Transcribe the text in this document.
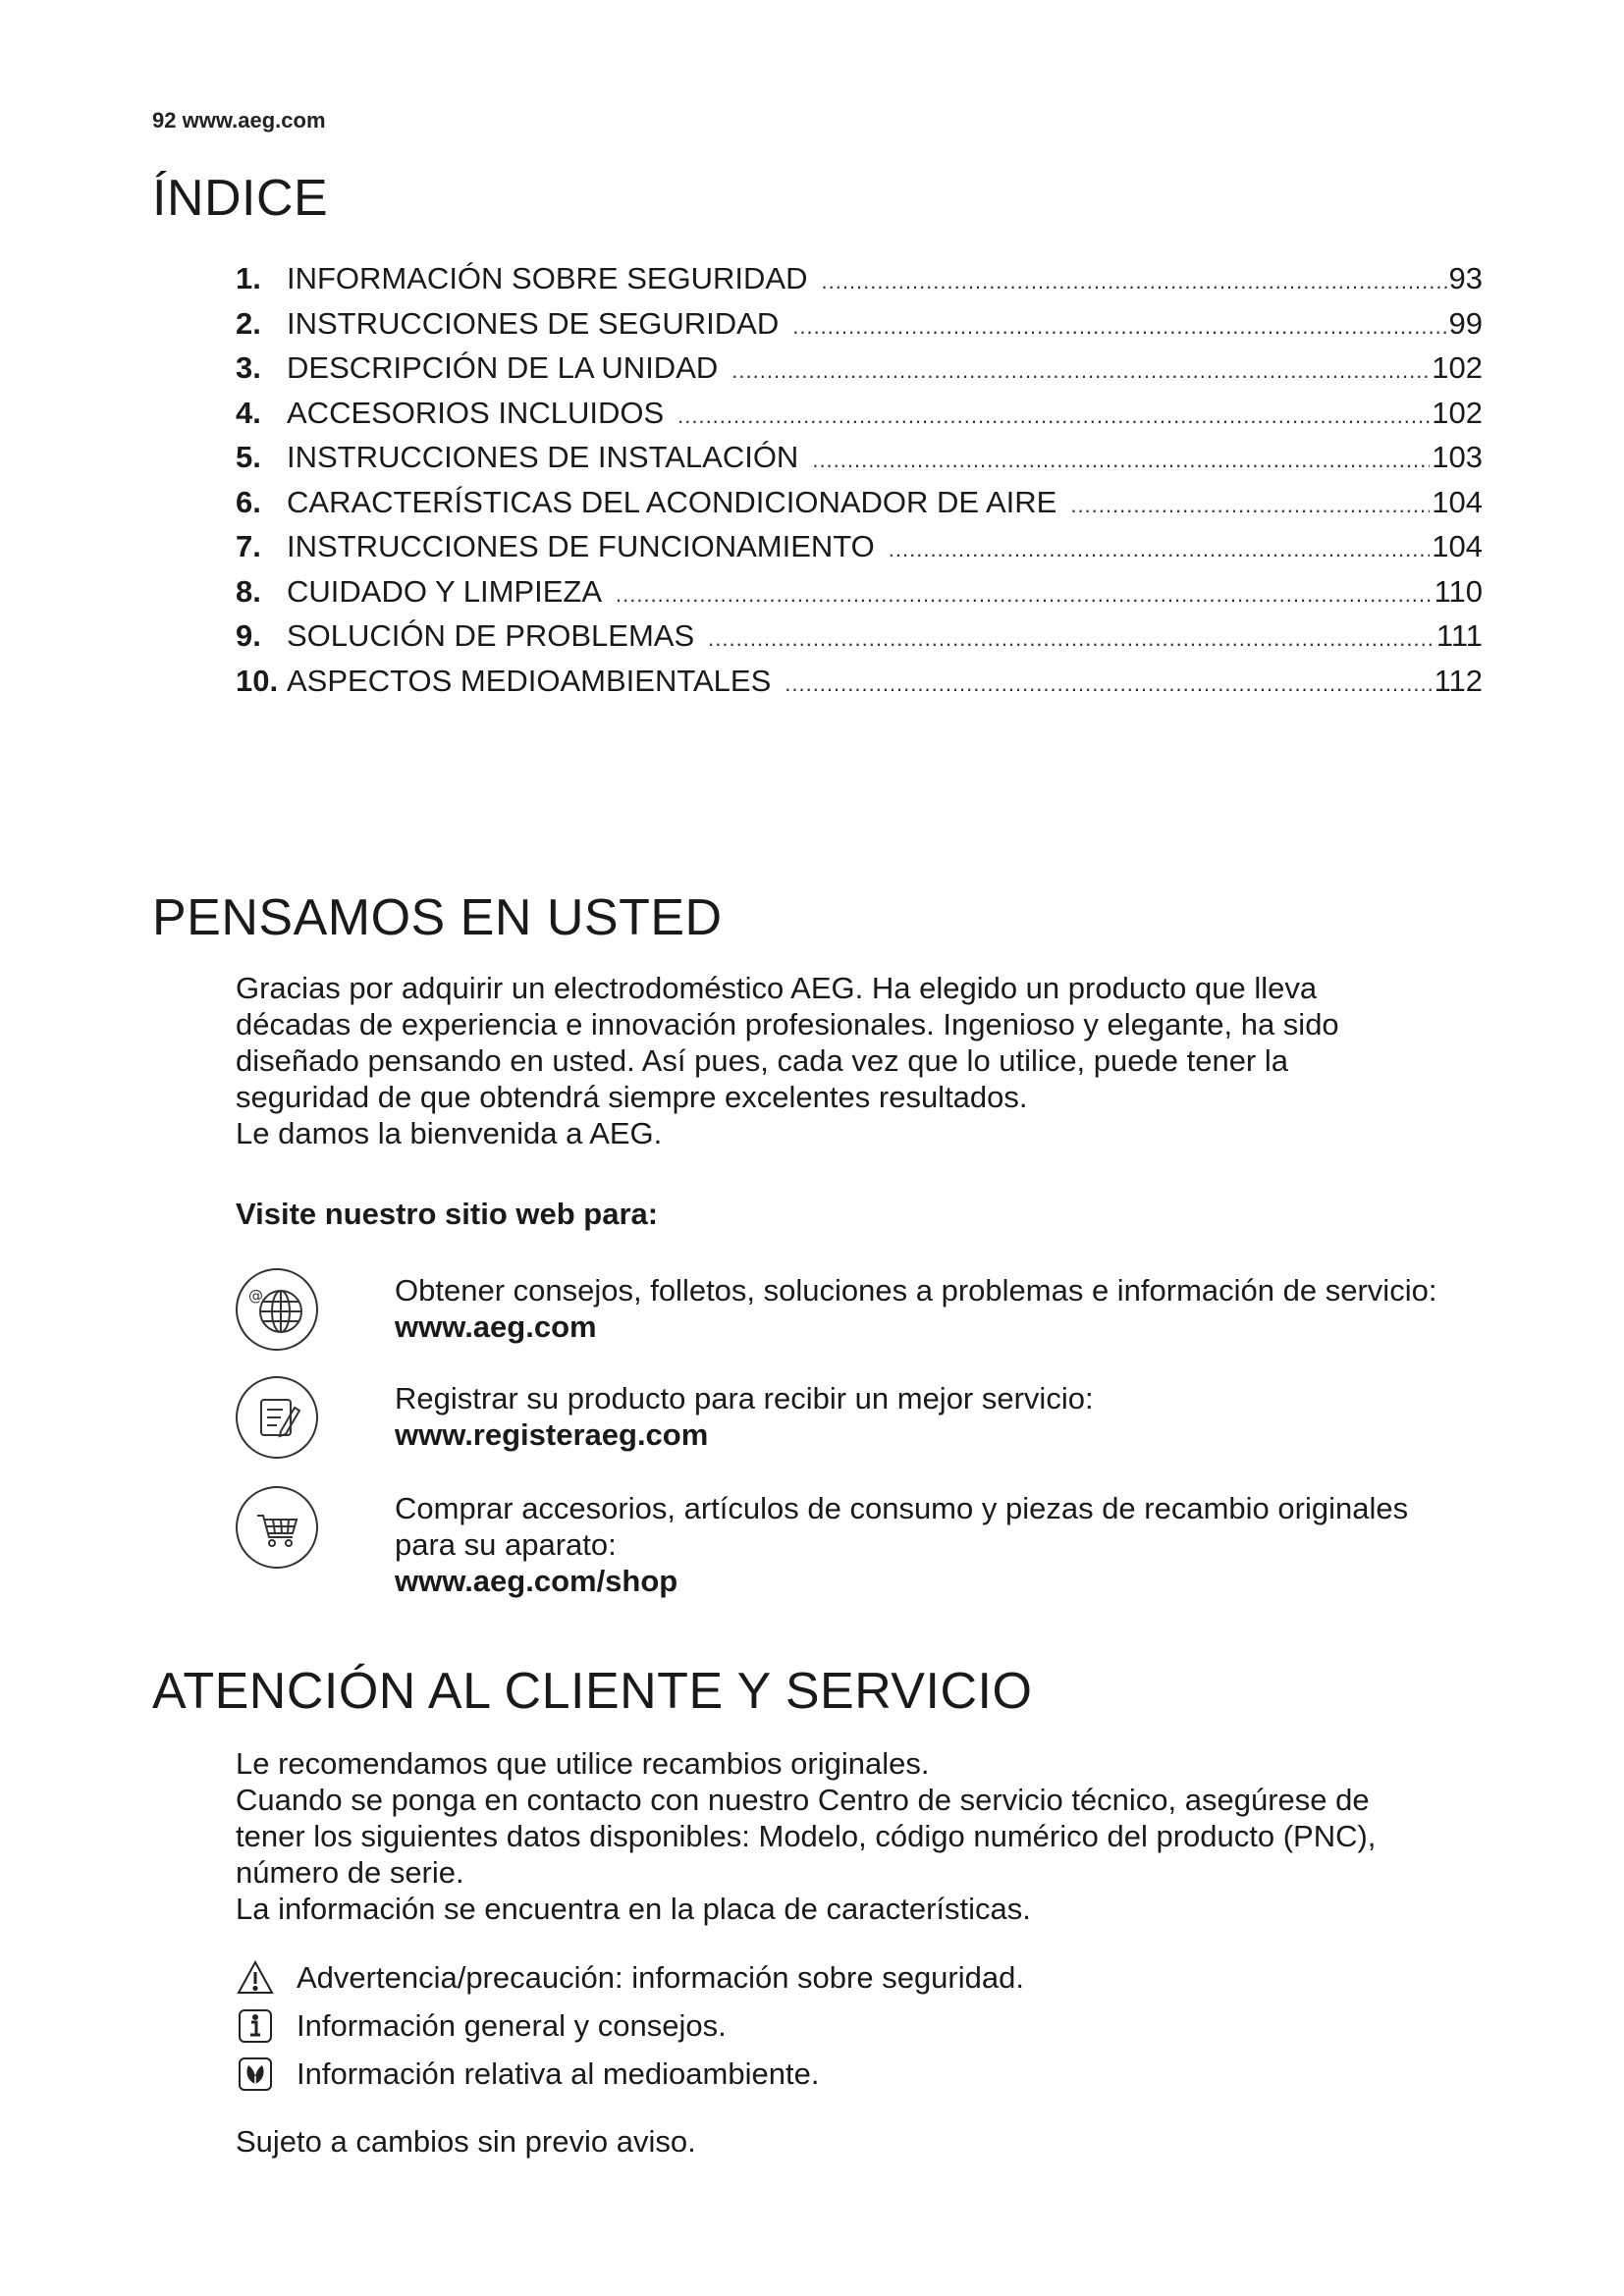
92 www.aeg.com
ÍNDICE
1. INFORMACIÓN SOBRE SEGURIDAD .....	93
2. INSTRUCCIONES DE SEGURIDAD .....	99
3. DESCRIPCIÓN DE LA UNIDAD .....	102
4. ACCESORIOS INCLUIDOS .....	102
5. INSTRUCCIONES DE INSTALACIÓN .....	103
6. CARACTERÍSTICAS DEL ACONDICIONADOR DE AIRE .....	104
7. INSTRUCCIONES DE FUNCIONAMIENTO .....	104
8. CUIDADO Y LIMPIEZA .....	110
9. SOLUCIÓN DE PROBLEMAS .....	111
10. ASPECTOS MEDIOAMBIENTALES .....	112
PENSAMOS EN USTED

Gracias por adquirir un electrodoméstico AEG. Ha elegido un producto que lleva
décadas de experiencia e innovación profesionales. Ingenioso y elegante, ha sido
diseñado pensando en usted. Así pues, cada vez que lo utilice, puede tener la
seguridad de que obtendrá siempre excelentes resultados.
Le damos la bienvenida a AEG.

Visite nuestro sitio web para:

@	Obtener consejos, folletos, soluciones a problemas e información de servicio:
www.aeg.com
Registrar su producto para recibir un mejor servicio:
www.registeraeg.com
Comprar accesorios, artículos de consumo y piezas de recambio originales
para su aparato:
www.aeg.com/shop
ATENCIÓN AL CLIENTE Y SERVICIO

Le recomendamos que utilice recambios originales.
Cuando se ponga en contacto con nuestro Centro de servicio técnico, asegúrese de
tener los siguientes datos disponibles: Modelo, código numérico del producto (PNC),
número de serie.
La información se encuentra en la placa de características.

Advertencia/precaución: información sobre seguridad.
Información general y consejos.
Información relativa al medioambiente.

Sujeto a cambios sin previo aviso.
